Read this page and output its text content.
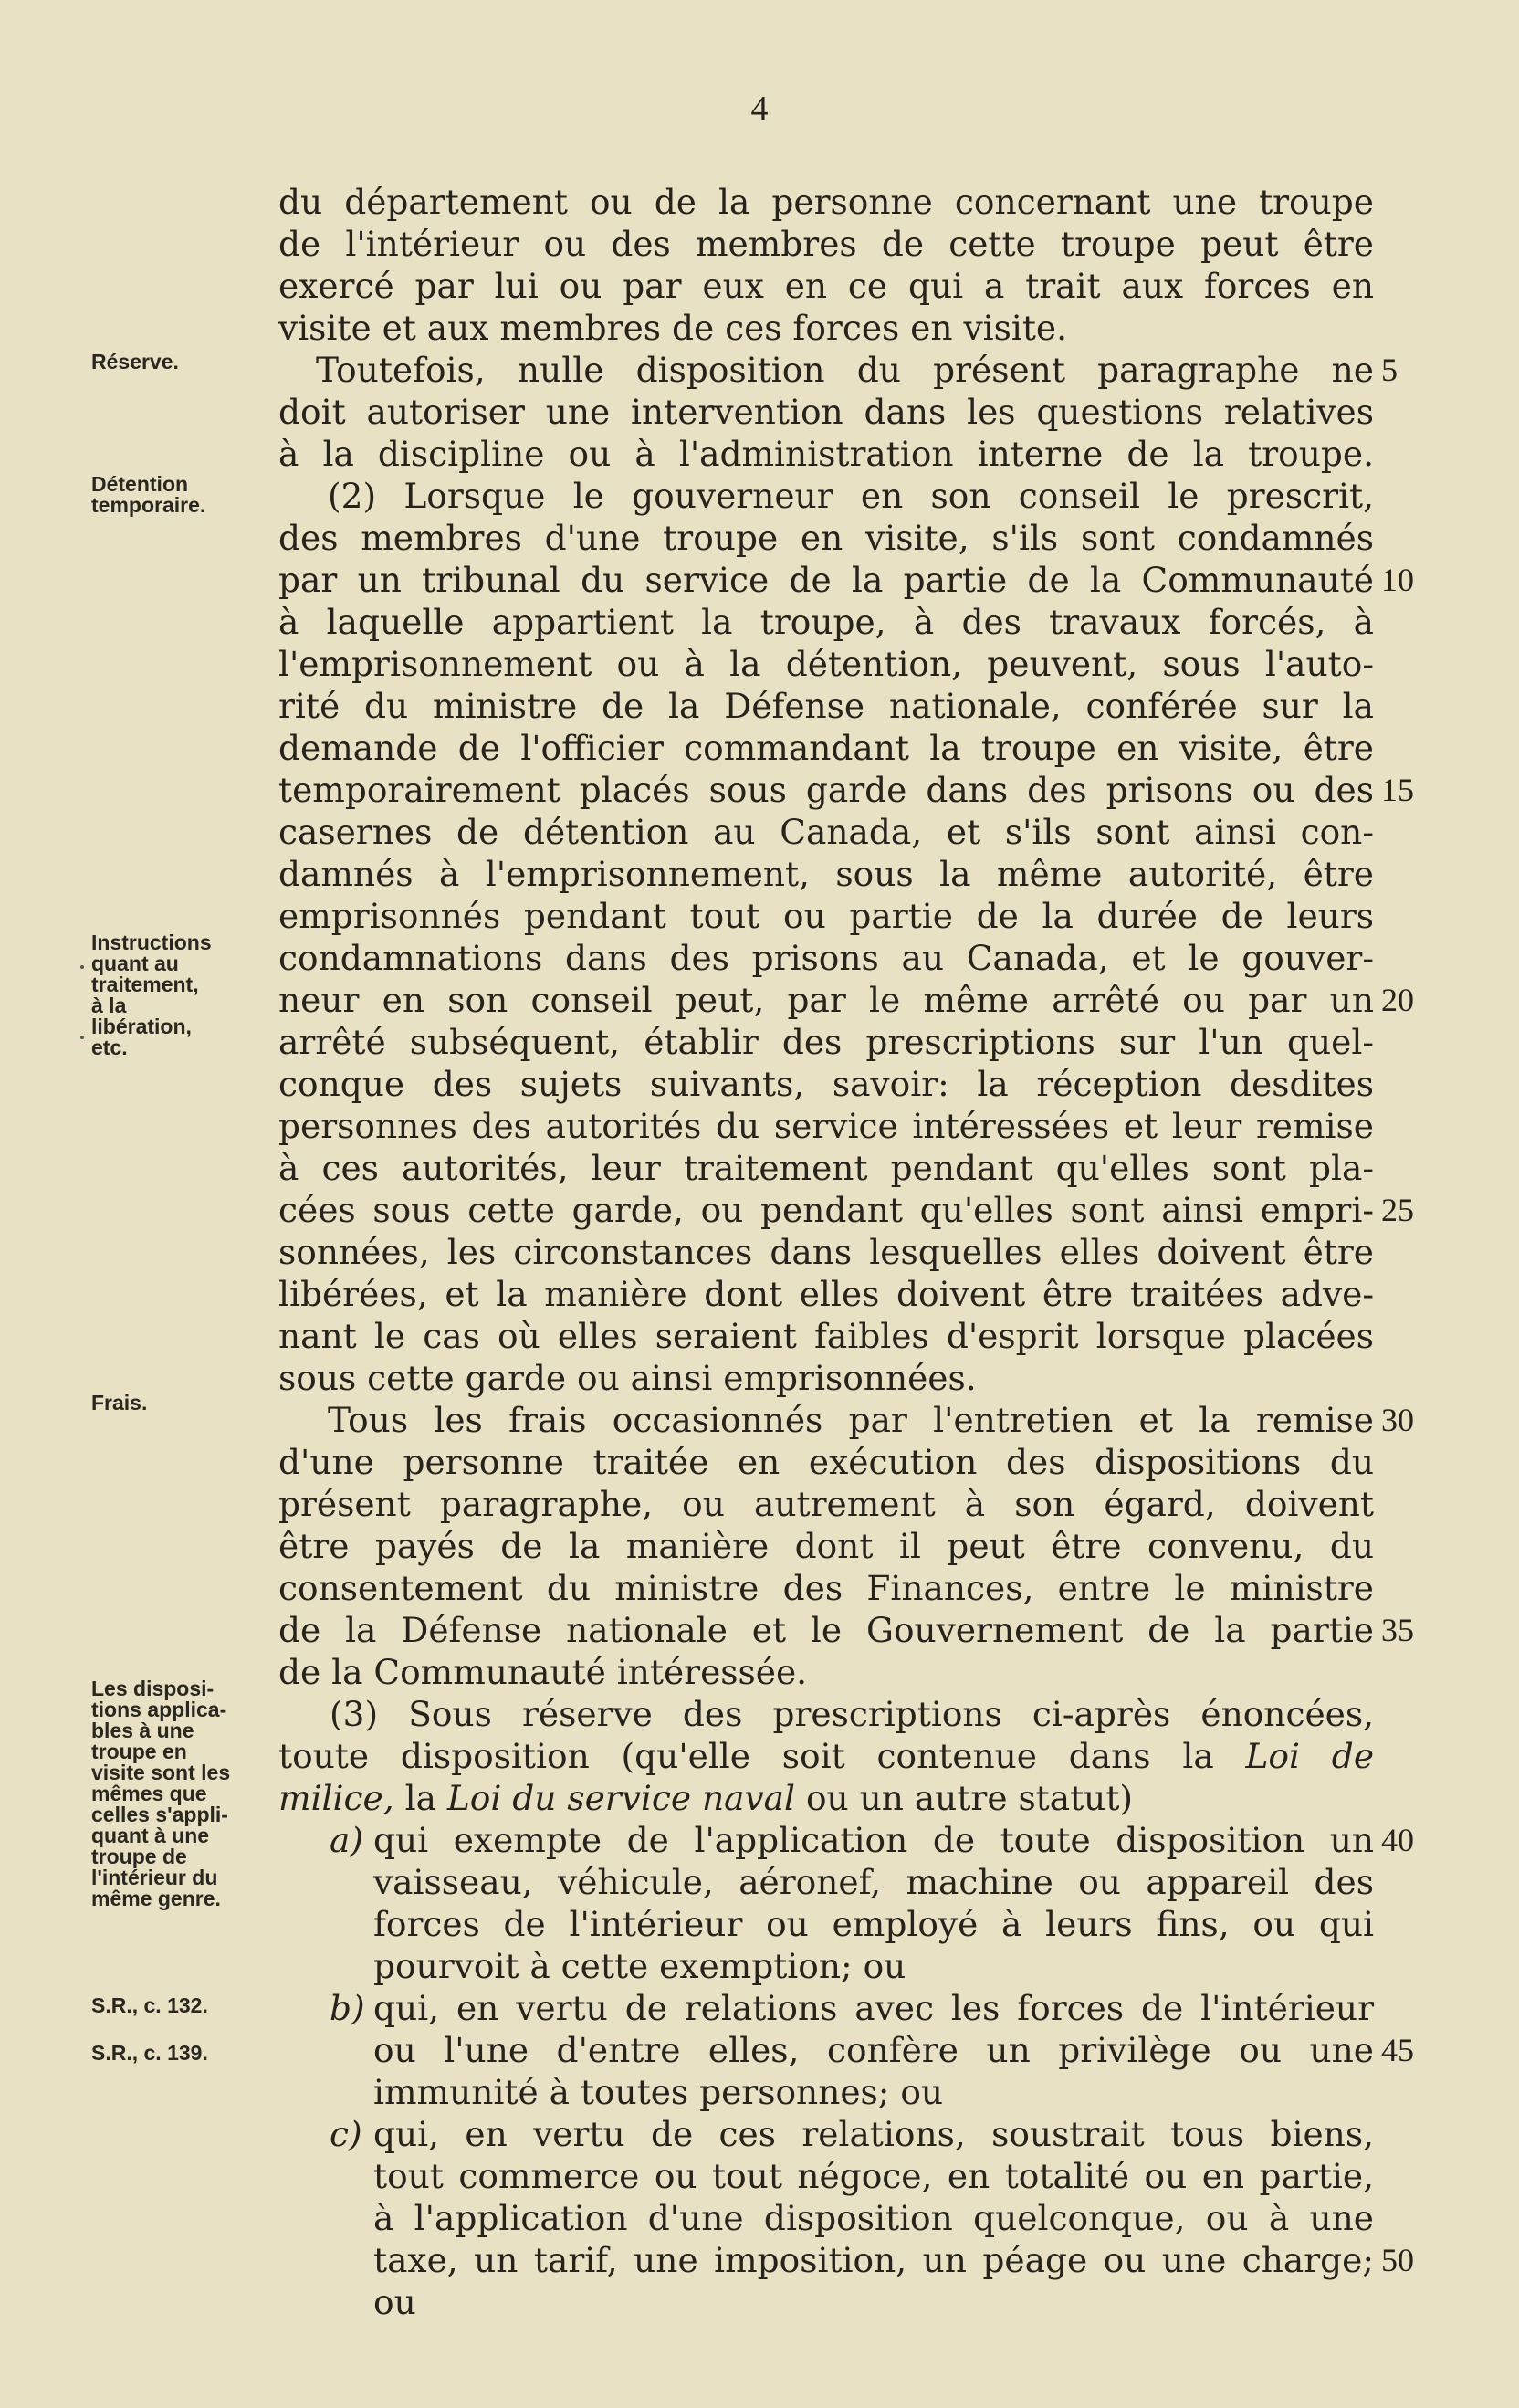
4
Réserve.
Détention
temporaire.
Instructions
quant au
traitement,
à la
libération,
etc.
Frais.
Les disposi-
tions applica-
bles à une
troupe en
visite sont les
mêmes que
celles s'appli-
quant à une
troupe de
l'intérieur du
même genre.
S.R., c. 132.
S.R., c. 139.
du département ou de la personne concernant une troupe
de l'intérieur ou des membres de cette troupe peut être
exercé par lui ou par eux en ce qui a trait aux forces en
visite et aux membres de ces forces en visite.
Toutefois, nulle disposition du présent paragraphe ne
doit autoriser une intervention dans les questions relatives
à la discipline ou à l'administration interne de la troupe.
(2) Lorsque le gouverneur en son conseil le prescrit,
des membres d'une troupe en visite, s'ils sont condamnés
par un tribunal du service de la partie de la Communauté
à laquelle appartient la troupe, à des travaux forcés, à
l'emprisonnement ou à la détention, peuvent, sous l'auto-
rité du ministre de la Défense nationale, conférée sur la
demande de l'officier commandant la troupe en visite, être
temporairement placés sous garde dans des prisons ou des
casernes de détention au Canada, et s'ils sont ainsi con-
damnés à l'emprisonnement, sous la même autorité, être
emprisonnés pendant tout ou partie de la durée de leurs
condamnations dans des prisons au Canada, et le gouver-
neur en son conseil peut, par le même arrêté ou par un
arrêté subséquent, établir des prescriptions sur l'un quel-
conque des sujets suivants, savoir: la réception desdites
personnes des autorités du service intéressées et leur remise
à ces autorités, leur traitement pendant qu'elles sont pla-
cées sous cette garde, ou pendant qu'elles sont ainsi empri-
sonnées, les circonstances dans lesquelles elles doivent être
libérées, et la manière dont elles doivent être traitées adve-
nant le cas où elles seraient faibles d'esprit lorsque placées
sous cette garde ou ainsi emprisonnées.
Tous les frais occasionnés par l'entretien et la remise
d'une personne traitée en exécution des dispositions du
présent paragraphe, ou autrement à son égard, doivent
être payés de la manière dont il peut être convenu, du
consentement du ministre des Finances, entre le ministre
de la Défense nationale et le Gouvernement de la partie
de la Communauté intéressée.
(3) Sous réserve des prescriptions ci-après énoncées,
toute disposition (qu'elle soit contenue dans la Loi de
milice, la Loi du service naval ou un autre statut)
a) qui exempte de l'application de toute disposition un
vaisseau, véhicule, aéronef, machine ou appareil des
forces de l'intérieur ou employé à leurs fins, ou qui
pourvoit à cette exemption; ou
b) qui, en vertu de relations avec les forces de l'intérieur
ou l'une d'entre elles, confère un privilège ou une
immunité à toutes personnes; ou
c) qui, en vertu de ces relations, soustrait tous biens,
tout commerce ou tout négoce, en totalité ou en partie,
à l'application d'une disposition quelconque, ou à une
taxe, un tarif, une imposition, un péage ou une charge;
ou
5
10
15
20
25
30
35
40
45
50
